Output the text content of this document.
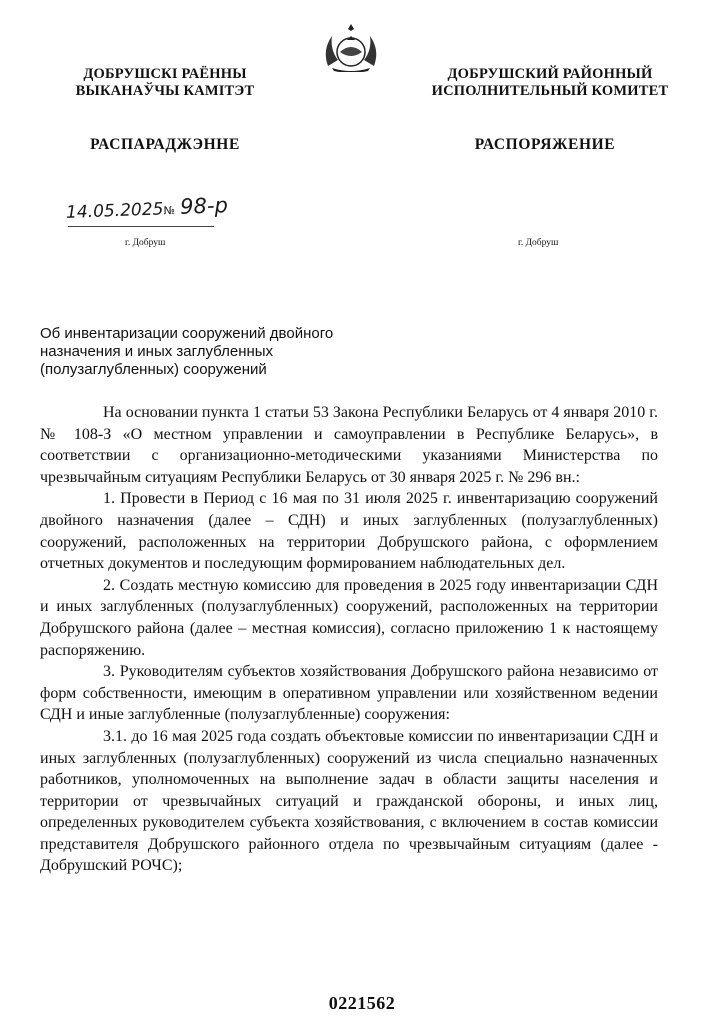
ДОБРУШСКІ РАЁННЫ
ВЫКАНАЎЧЫ КАМІТЭТ
ДОБРУШСКИЙ РАЙОННЫЙ
ИСПОЛНИТЕЛЬНЫЙ КОМИТЕТ
РАСПАРАДЖЭННЕ	РАСПОРЯЖЕНИЕ
14.05.2025№ 98-р
г. Добруш	г. Добруш
Об инвентаризации сооружений двойного
назначения и иных заглубленных
(полузаглубленных) сооружений

На основании пункта 1 статьи 53 Закона Республики Беларусь от 4 января 2010 г. № 108-З «О местном управлении и самоуправлении в Республике Беларусь», в соответствии с организационно-методическими указаниями Министерства по чрезвычайным ситуациям Республики Беларусь от 30 января 2025 г. № 296 вн.:

1. Провести в Период с 16 мая по 31 июля 2025 г. инвентаризацию сооружений двойного назначения (далее – СДН) и иных заглубленных (полузаглубленных) сооружений, расположенных на территории Добрушского района, с оформлением отчетных документов и последующим формированием наблюдательных дел.

2. Создать местную комиссию для проведения в 2025 году инвентаризации СДН и иных заглубленных (полузаглубленных) сооружений, расположенных на территории Добрушского района (далее – местная комиссия), согласно приложению 1 к настоящему распоряжению.

3. Руководителям субъектов хозяйствования Добрушского района независимо от форм собственности, имеющим в оперативном управлении или хозяйственном ведении СДН и иные заглубленные (полузаглубленные) сооружения:

3.1. до 16 мая 2025 года создать объектовые комиссии по инвентаризации СДН и иных заглубленных (полузаглубленных) сооружений из числа специально назначенных работников, уполномоченных на выполнение задач в области защиты населения и территории от чрезвычайных ситуаций и гражданской обороны, и иных лиц, определенных руководителем субъекта хозяйствования, с включением в состав комиссии представителя Добрушского районного отдела по чрезвычайным ситуациям (далее - Добрушский РОЧС);

0221562
